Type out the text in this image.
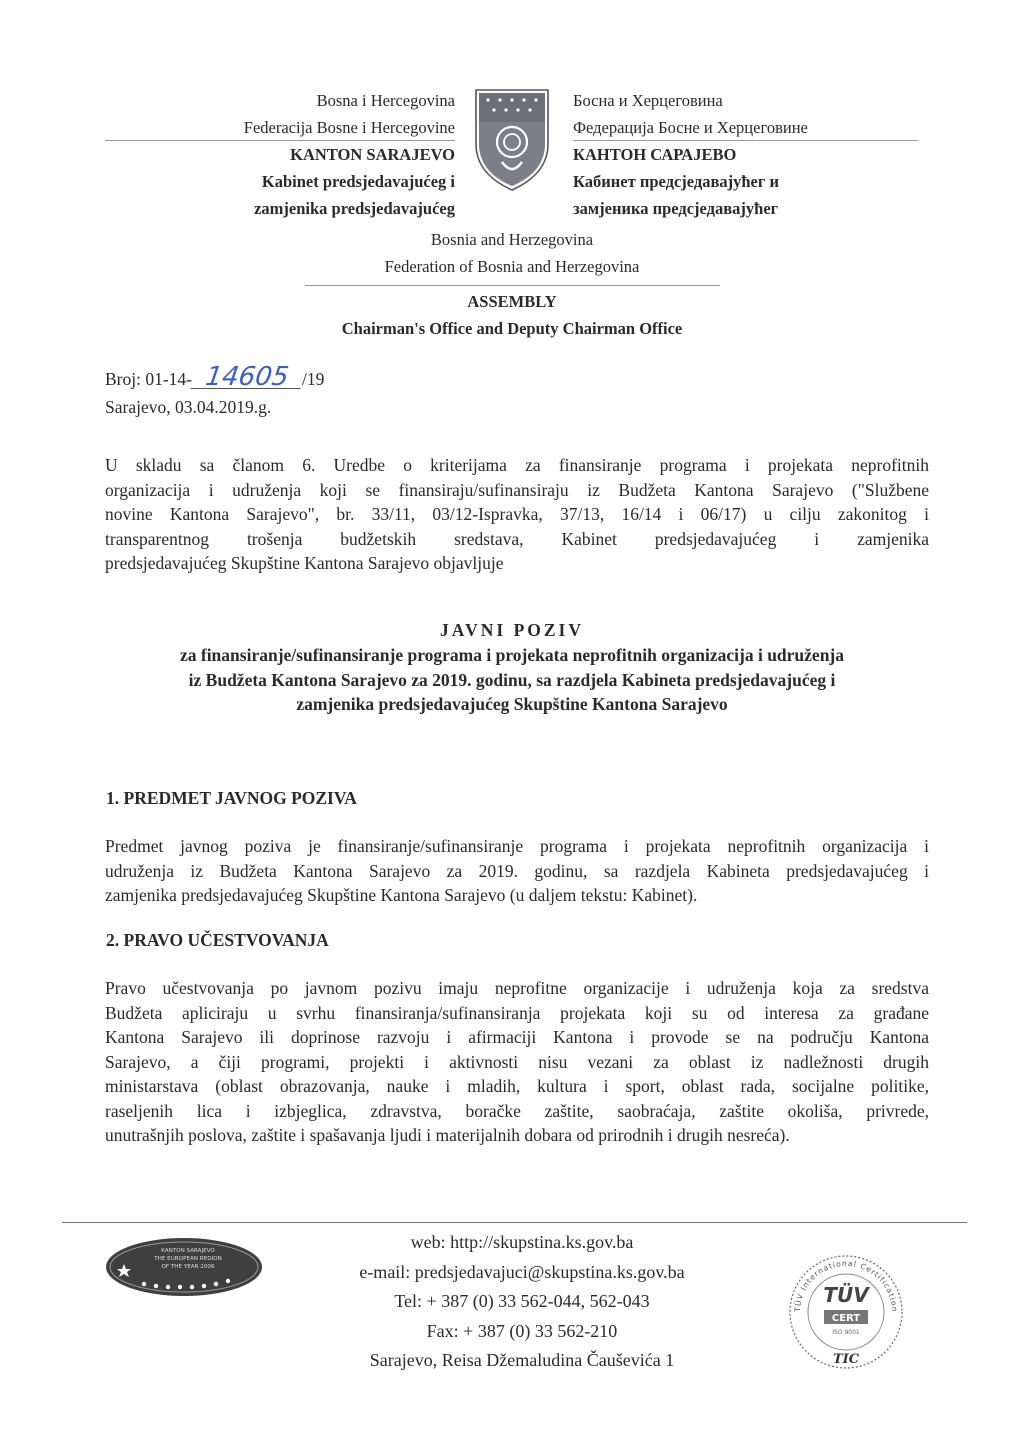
Bosna i Hercegovina
Federacija Bosne i Hercegovine
KANTON SARAJEVO
Kabinet predsjedavajućeg i
zamjenika predsjedavajućeg
Босна и Херцеговина
Федерација Босне и Херцеговине
КАНТОН САРАЈЕВО
Кабинет предсједавајућег и
замјеника предсједавајућег
Bosnia and Herzegovina
Federation of Bosnia and Herzegovina
ASSEMBLY
Chairman's Office and Deputy Chairman Office
Broj: 01-14- 14605 /19
Sarajevo, 03.04.2019.g.
U skladu sa članom 6. Uredbe o kriterijama za finansiranje programa i projekata neprofitnih
organizacija i udruženja koji se finansiraju/sufinansiraju iz Budžeta Kantona Sarajevo ("Službene
novine Kantona Sarajevo", br. 33/11, 03/12-Ispravka, 37/13, 16/14 i 06/17) u cilju zakonitog i
transparentnog trošenja budžetskih sredstava, Kabinet predsjedavajućeg i zamjenika
predsjedavajućeg Skupštine Kantona Sarajevo objavljuje
JAVNI POZIV
za finansiranje/sufinansiranje programa i projekata neprofitnih organizacija i udruženja
iz Budžeta Kantona Sarajevo za 2019. godinu, sa razdjela Kabineta predsjedavajućeg i
zamjenika predsjedavajućeg Skupštine Kantona Sarajevo
1. PREDMET JAVNOG POZIVA
Predmet javnog poziva je finansiranje/sufinansiranje programa i projekata neprofitnih organizacija i
udruženja iz Budžeta Kantona Sarajevo za 2019. godinu, sa razdjela Kabineta predsjedavajućeg i
zamjenika predsjedavajućeg Skupštine Kantona Sarajevo (u daljem tekstu: Kabinet).
2. PRAVO UČESTVOVANJA
Pravo učestvovanja po javnom pozivu imaju neprofitne organizacije i udruženja koja za sredstva
Budžeta apliciraju u svrhu finansiranja/sufinansiranja projekata koji su od interesa za građane
Kantona Sarajevo ili doprinose razvoju i afirmaciji Kantona i provode se na području Kantona
Sarajevo, a čiji programi, projekti i aktivnosti nisu vezani za oblast iz nadležnosti drugih
ministarstava (oblast obrazovanja, nauke i mladih, kultura i sport, oblast rada, socijalne politike,
raseljenih lica i izbjeglica, zdravstva, boračke zaštite, saobraćaja, zaštite okoliša, privrede,
unutrašnjih poslova, zaštite i spašavanja ljudi i materijalnih dobara od prirodnih i drugih nesreća).
KANTON SARAJEVO
THE EUROPEAN REGION
OF THE YEAR 2006
web: http://skupstina.ks.gov.ba
e-mail: predsjedavajuci@skupstina.ks.gov.ba
Tel: + 387 (0) 33 562-044, 562-043
Fax: + 387 (0) 33 562-210
Sarajevo, Reisa Džemaludina Čauševića 1
TÜV International Certification
TÜV
CERT
ISO 9001
TIC
